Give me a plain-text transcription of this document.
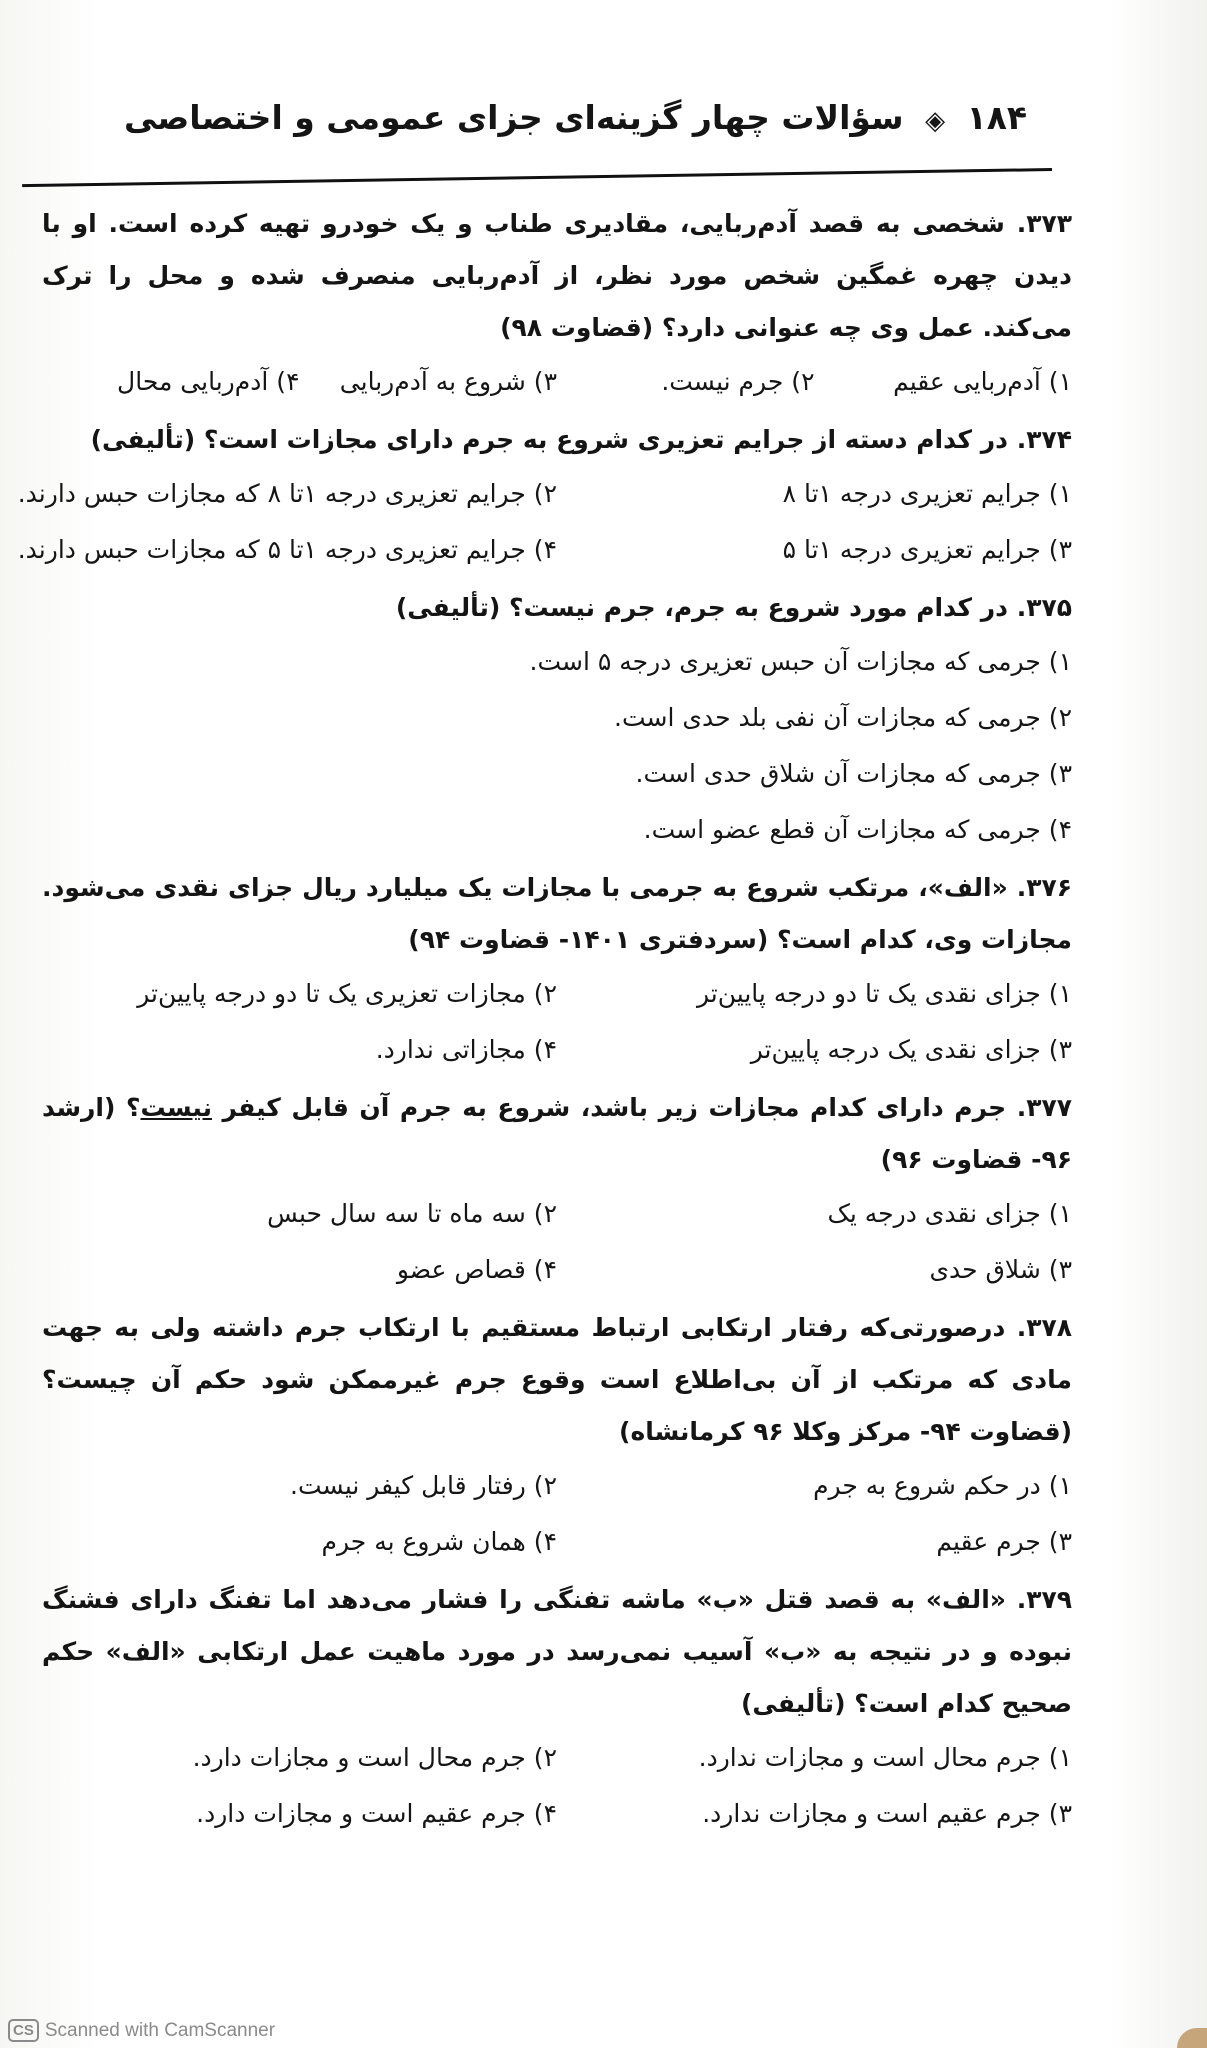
۱۸۴ ◈ سؤالات چهار گزینه‌ای جزای عمومی و اختصاصی

۳۷۳. شخصی به قصد آدم‌ربایی، مقادیری طناب و یک خودرو تهیه کرده است. او با دیدن چهره غمگین شخص مورد نظر، از آدم‌ربایی منصرف شده و محل را ترک می‌کند. عمل وی چه عنوانی دارد؟ (قضاوت ۹۸)

۱)آدم‌ربایی عقیم
۲)جرم نیست.
۳)شروع به آدم‌ربایی
۴)آدم‌ربایی محال

۳۷۴. در کدام دسته از جرایم تعزیری شروع به جرم دارای مجازات است؟ (تألیفی)

۱)جرایم تعزیری درجه ۱تا ۸
۲)جرایم تعزیری درجه ۱تا ۸ که مجازات حبس دارند.
۳)جرایم تعزیری درجه ۱تا ۵
۴)جرایم تعزیری درجه ۱تا ۵ که مجازات حبس دارند.

۳۷۵. در کدام مورد شروع به جرم، جرم نیست؟ (تألیفی)

۱)جرمی که مجازات آن حبس تعزیری درجه ۵ است.
۲)جرمی که مجازات آن نفی بلد حدی است.
۳)جرمی که مجازات آن شلاق حدی است.
۴)جرمی که مجازات آن قطع عضو است.

۳۷۶. «الف»، مرتکب شروع به جرمی با مجازات یک میلیارد ریال جزای نقدی می‌شود. مجازات وی، کدام است؟ (سردفتری ۱۴۰۱- قضاوت ۹۴)

۱)جزای نقدی یک تا دو درجه پایین‌تر
۲)مجازات تعزیری یک تا دو درجه پایین‌تر
۳)جزای نقدی یک درجه پایین‌تر
۴)مجازاتی ندارد.

۳۷۷. جرم دارای کدام مجازات زیر باشد، شروع به جرم آن قابل کیفر نیست؟ (ارشد ۹۶- قضاوت ۹۶)

۱)جزای نقدی درجه یک
۲)سه ماه تا سه سال حبس
۳)شلاق حدی
۴)قصاص عضو

۳۷۸. درصورتی‌که رفتار ارتکابی ارتباط مستقیم با ارتکاب جرم داشته ولی به جهت مادی که مرتکب از آن بی‌اطلاع است وقوع جرم غیرممکن شود حکم آن چیست؟ (قضاوت ۹۴- مرکز وکلا ۹۶ کرمانشاه)

۱)در حکم شروع به جرم
۲)رفتار قابل کیفر نیست.
۳)جرم عقیم
۴)همان شروع به جرم

۳۷۹. «الف» به قصد قتل «ب» ماشه تفنگی را فشار می‌دهد اما تفنگ دارای فشنگ نبوده و در نتیجه به «ب» آسیب نمی‌رسد در مورد ماهیت عمل ارتکابی «الف» حکم صحیح کدام است؟ (تألیفی)

۱)جرم محال است و مجازات ندارد.
۲)جرم محال است و مجازات دارد.
۳)جرم عقیم است و مجازات ندارد.
۴)جرم عقیم است و مجازات دارد.
CS Scanned with CamScanner
